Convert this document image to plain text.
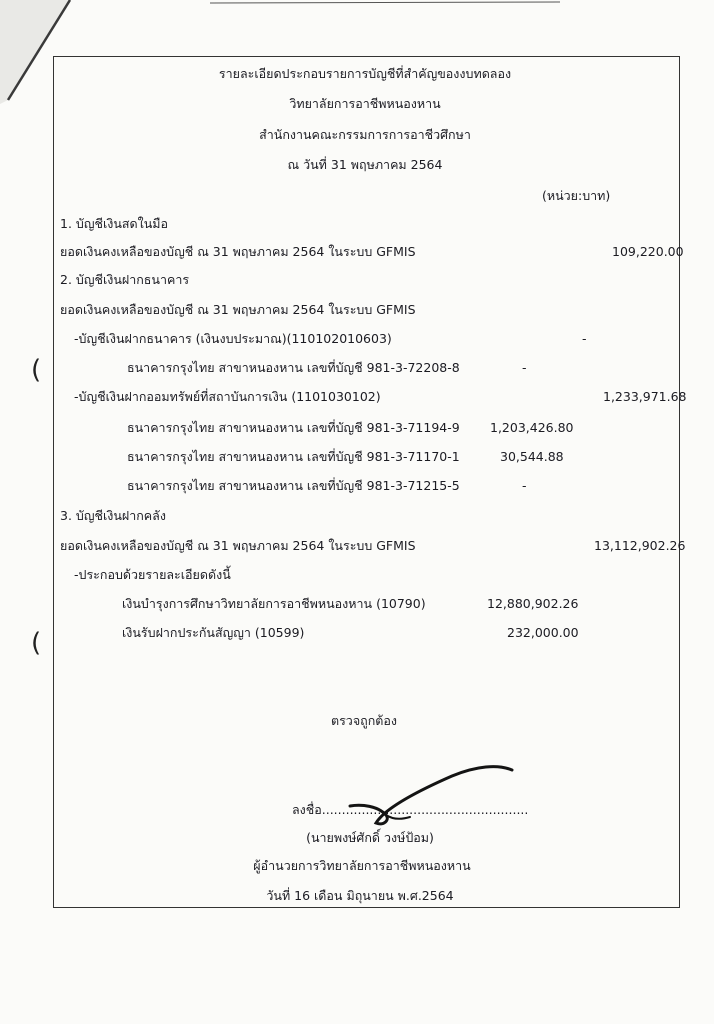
(
(
รายละเอียดประกอบรายการบัญชีที่สำคัญของงบทดลอง
วิทยาลัยการอาชีพหนองหาน
สำนักงานคณะกรรมการการอาชีวศึกษา
ณ วันที่ 31 พฤษภาคม 2564
(หน่วย:บาท)
1. บัญชีเงินสดในมือ
ยอดเงินคงเหลือของบัญชี ณ 31 พฤษภาคม 2564 ในระบบ GFMIS	109,220.00
2. บัญชีเงินฝากธนาคาร
ยอดเงินคงเหลือของบัญชี ณ 31 พฤษภาคม 2564 ในระบบ GFMIS
-บัญชีเงินฝากธนาคาร (เงินงบประมาณ)(110102010603)	-
ธนาคารกรุงไทย สาขาหนองหาน เลขที่บัญชี 981-3-72208-8	-
-บัญชีเงินฝากออมทรัพย์ที่สถาบันการเงิน (1101030102)	1,233,971.68
ธนาคารกรุงไทย สาขาหนองหาน เลขที่บัญชี 981-3-71194-9 1,203,426.80
ธนาคารกรุงไทย สาขาหนองหาน เลขที่บัญชี 981-3-71170-1	30,544.88
ธนาคารกรุงไทย สาขาหนองหาน เลขที่บัญชี 981-3-71215-5	-
3. บัญชีเงินฝากคลัง
ยอดเงินคงเหลือของบัญชี ณ 31 พฤษภาคม 2564 ในระบบ GFMIS	13,112,902.26
-ประกอบด้วยรายละเอียดดังนี้
เงินบำรุงการศึกษาวิทยาลัยการอาชีพหนองหาน (10790)	12,880,902.26
เงินรับฝากประกันสัญญา (10599)	232,000.00
ตรวจถูกต้อง
ลงชื่อ....................................................
(นายพงษ์ศักดิ์ วงษ์ป้อม)
ผู้อำนวยการวิทยาลัยการอาชีพหนองหาน
วันที่ 16 เดือน มิถุนายน พ.ศ.2564
